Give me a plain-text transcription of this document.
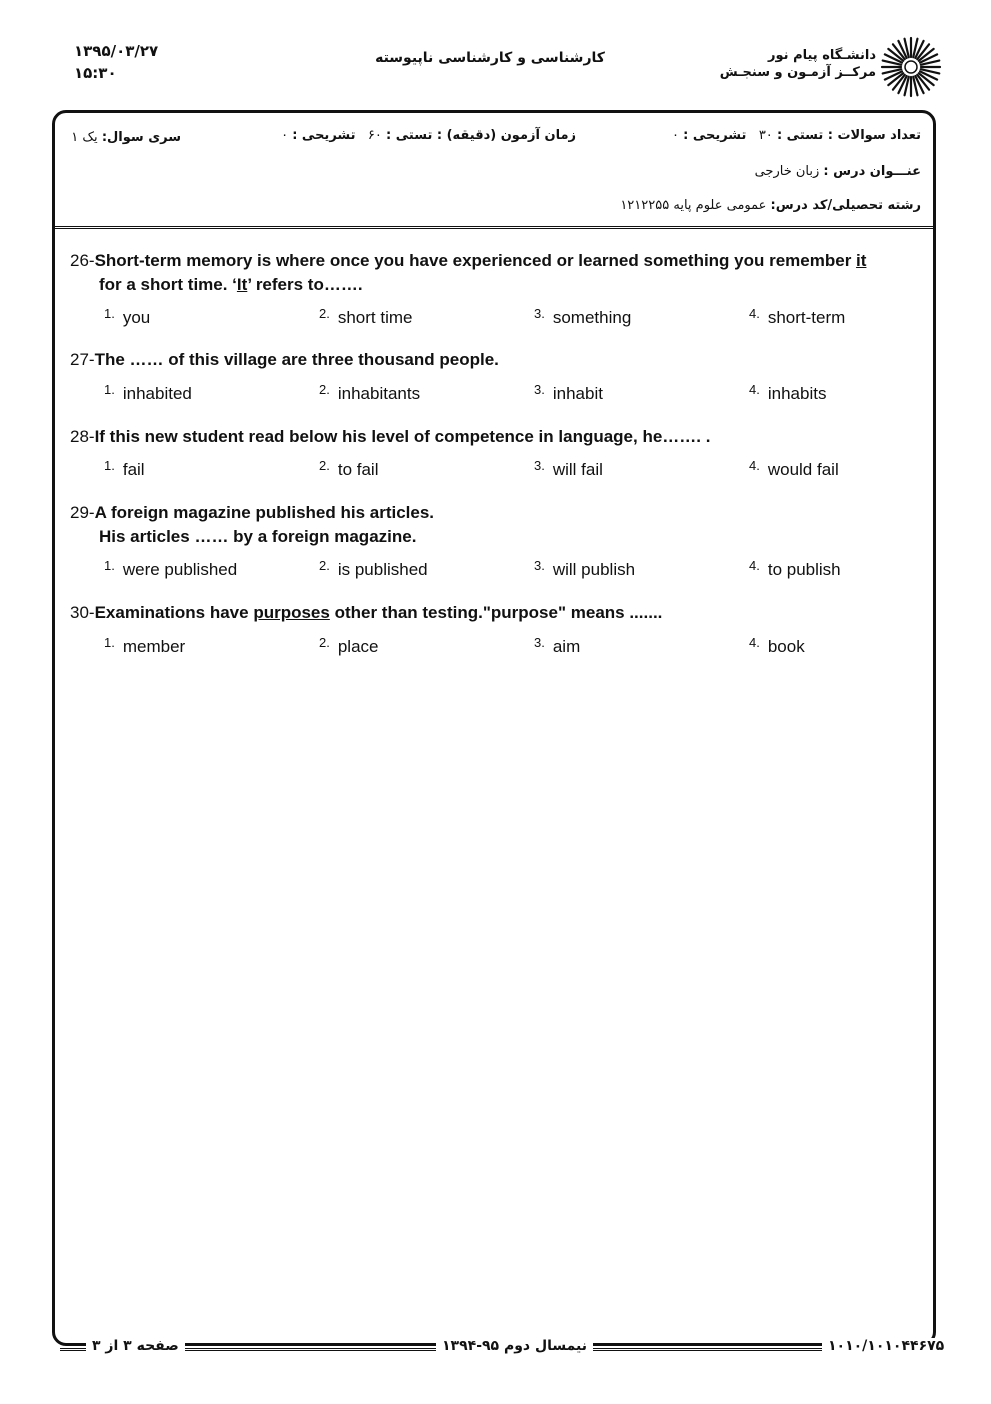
۱۳۹۵/۰۳/۲۷
۱۵:۳۰
کارشناسی و کارشناسی ناپیوسته	دانشـگاه پیام نور
مرکــز آزمـون و سنجـش
تعداد سوالات : تستی : ۳۰   تشریحی : ۰
زمان آزمون (دقیقه) : تستی : ۶۰   تشریحی : ۰
سری سوال: یک ۱
عنـــوان درس : زبان خارجی
رشته تحصیلی/کد درس: عمومی علوم پایه ۱۲۱۲۲۵۵
26-Short-term memory is where once you have experienced or learned something you remember it
for a short time. ‘It’ refers to…….
$^{1.}$ you	$^{2.}$ short time	$^{3.}$ something	$^{4.}$ short-term
27-The …… of this village are three thousand people.
$^{1.}$ inhabited	$^{2.}$ inhabitants	$^{3.}$ inhabit	$^{4.}$ inhabits
28-If this new student read below his level of competence in language, he……. .
$^{1.}$ fail	$^{2.}$ to fail	$^{3.}$ will fail	$^{4.}$ would fail
29-A foreign magazine published his articles.
His articles …… by a foreign magazine.
$^{1.}$ were published	$^{2.}$ is published	$^{3.}$ will publish	$^{4.}$ to publish
30-Examinations have purposes other than testing."purpose" means .......
$^{1.}$ member	$^{2.}$ place	$^{3.}$ aim	$^{4.}$ book
صفحه ۳ از ۳	نیمسال دوم ۹۵-۱۳۹۴	۱۰۱۰/۱۰۱۰۴۴۶۷۵
